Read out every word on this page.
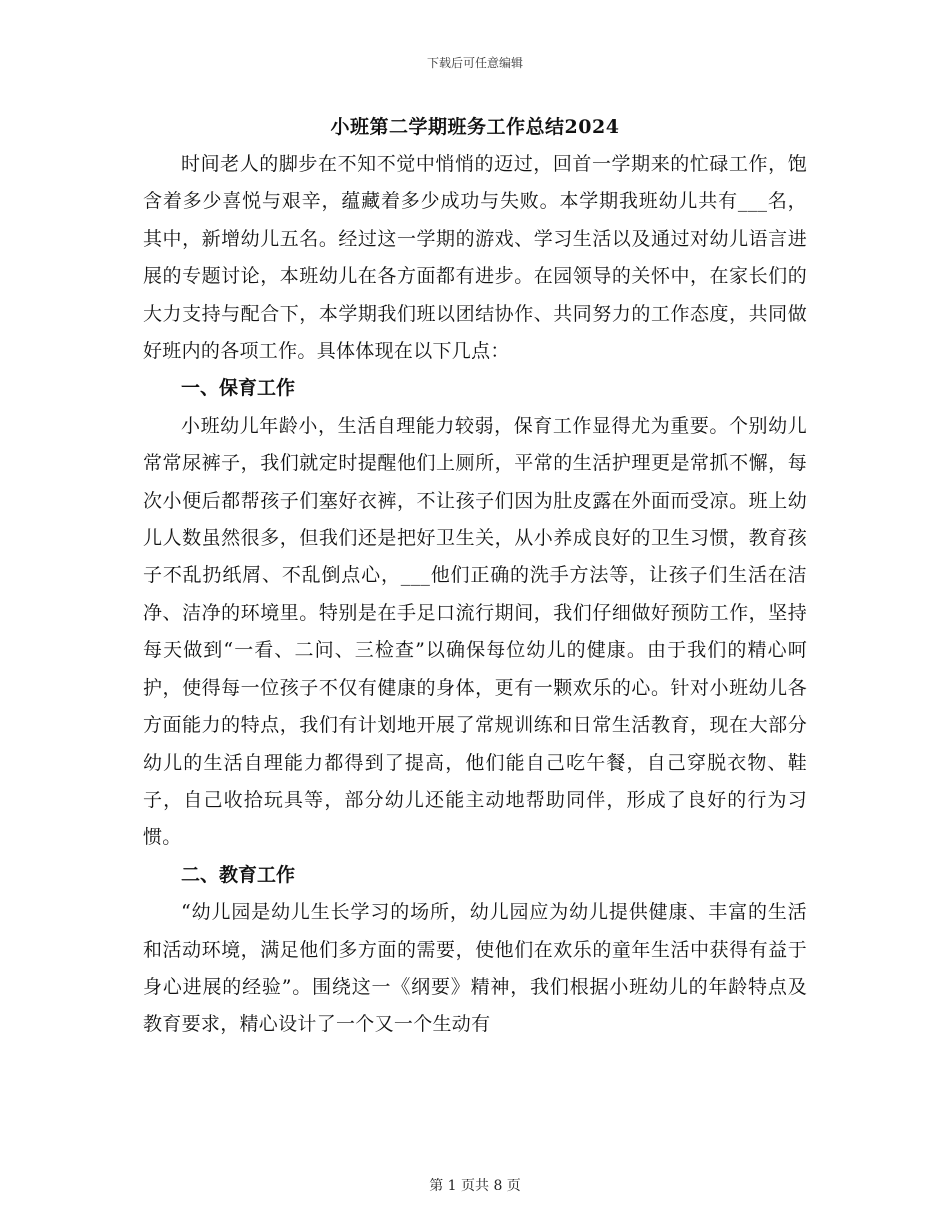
下载后可任意编辑
小班第二学期班务工作总结2024

时间老人的脚步在不知不觉中悄悄的迈过，回首一学期来的忙碌工作，饱含着多少喜悦与艰辛，蕴藏着多少成功与失败。本学期我班幼儿共有___名，其中，新增幼儿五名。经过这一学期的游戏、学习生活以及通过对幼儿语言进展的专题讨论，本班幼儿在各方面都有进步。在园领导的关怀中，在家长们的大力支持与配合下，本学期我们班以团结协作、共同努力的工作态度，共同做好班内的各项工作。具体体现在以下几点：

一、保育工作

小班幼儿年龄小，生活自理能力较弱，保育工作显得尤为重要。个别幼儿常常尿裤子，我们就定时提醒他们上厕所，平常的生活护理更是常抓不懈，每次小便后都帮孩子们塞好衣裤，不让孩子们因为肚皮露在外面而受凉。班上幼儿人数虽然很多，但我们还是把好卫生关，从小养成良好的卫生习惯，教育孩子不乱扔纸屑、不乱倒点心，___他们正确的洗手方法等，让孩子们生活在洁净、洁净的环境里。特别是在手足口流行期间，我们仔细做好预防工作，坚持每天做到“一看、二问、三检查”以确保每位幼儿的健康。由于我们的精心呵护，使得每一位孩子不仅有健康的身体，更有一颗欢乐的心。针对小班幼儿各方面能力的特点，我们有计划地开展了常规训练和日常生活教育，现在大部分幼儿的生活自理能力都得到了提高，他们能自己吃午餐，自己穿脱衣物、鞋子，自己收拾玩具等，部分幼儿还能主动地帮助同伴，形成了良好的行为习惯。

二、教育工作

“幼儿园是幼儿生长学习的场所，幼儿园应为幼儿提供健康、丰富的生活和活动环境，满足他们多方面的需要，使他们在欢乐的童年生活中获得有益于身心进展的经验”。围绕这一《纲要》精神，我们根据小班幼儿的年龄特点及教育要求，精心设计了一个又一个生动有

第 1 页共 8 页
